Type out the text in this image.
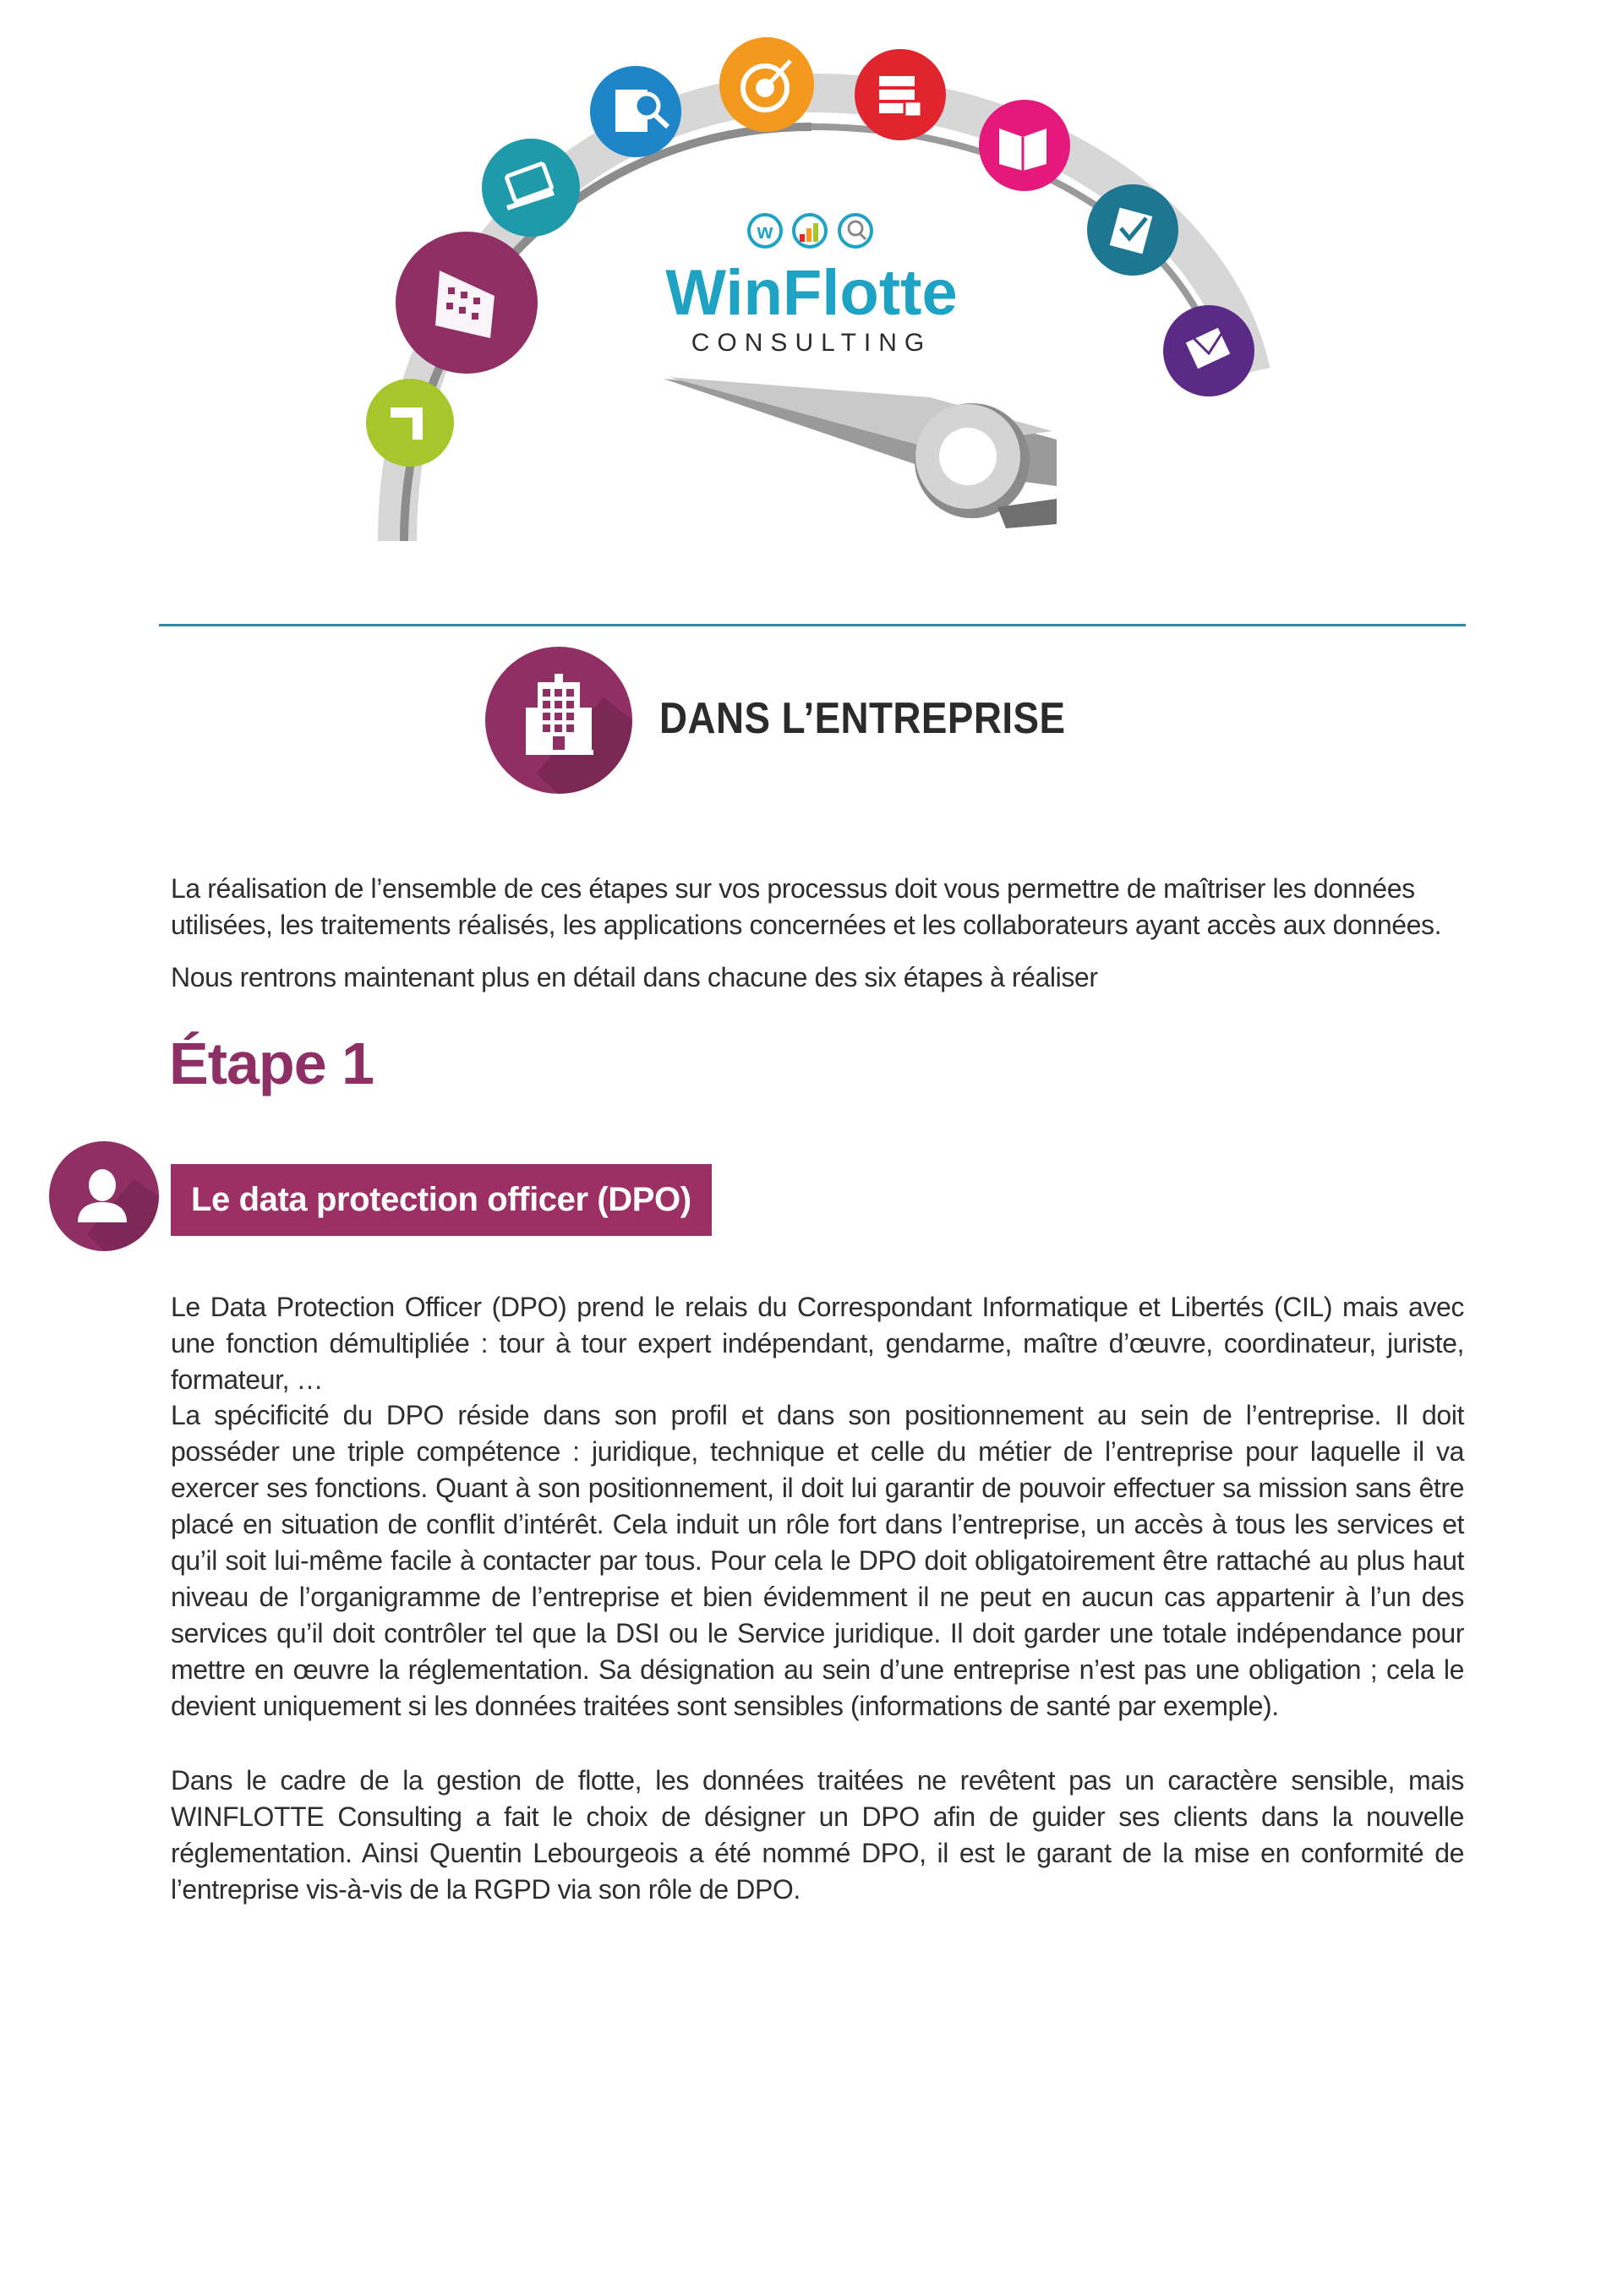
w
WinFlotte
CONSULTING
DANS L’ENTREPRISE

La réalisation de l’ensemble de ces étapes sur vos processus doit vous permettre de maîtriser les données utilisées, les traitements réalisés, les applications concernées et les collaborateurs ayant accès aux données.

Nous rentrons maintenant plus en détail dans chacune des six étapes à réaliser

Étape 1
Le data protection officer (DPO)

Le Data Protection Officer (DPO) prend le relais du Correspondant Informatique et Libertés (CIL) mais avec une fonction démultipliée : tour à tour expert indépendant, gendarme, maître d’œuvre, coordinateur, juriste, formateur, …

La spécificité du DPO réside dans son profil et dans son positionnement au sein de l’entreprise. Il doit posséder une triple compétence : juridique, technique et celle du métier de l’entreprise pour laquelle il va exercer ses fonctions. Quant à son positionnement, il doit lui garantir de pouvoir effectuer sa mission sans être placé en situation de conflit d’intérêt. Cela induit un rôle fort dans l’entreprise, un accès à tous les services et qu’il soit lui-même facile à contacter par tous. Pour cela le DPO doit obligatoirement être rattaché au plus haut niveau de l’organigramme de l’entreprise et bien évidemment il ne peut en aucun cas appartenir à l’un des services qu’il doit contrôler tel que la DSI ou le Service juridique. Il doit garder une totale indépendance pour mettre en œuvre la réglementation. Sa désignation au sein d’une entreprise n’est pas une obligation ; cela le devient uniquement si les données traitées sont sensibles (informations de santé par exemple).

Dans le cadre de la gestion de flotte, les données traitées ne revêtent pas un caractère sensible, mais WINFLOTTE Consulting a fait le choix de désigner un DPO afin de guider ses clients dans la nouvelle réglementation. Ainsi Quentin Lebourgeois a été nommé DPO, il est le garant de la mise en conformité de l’entreprise vis-à-vis de la RGPD via son rôle de DPO.
